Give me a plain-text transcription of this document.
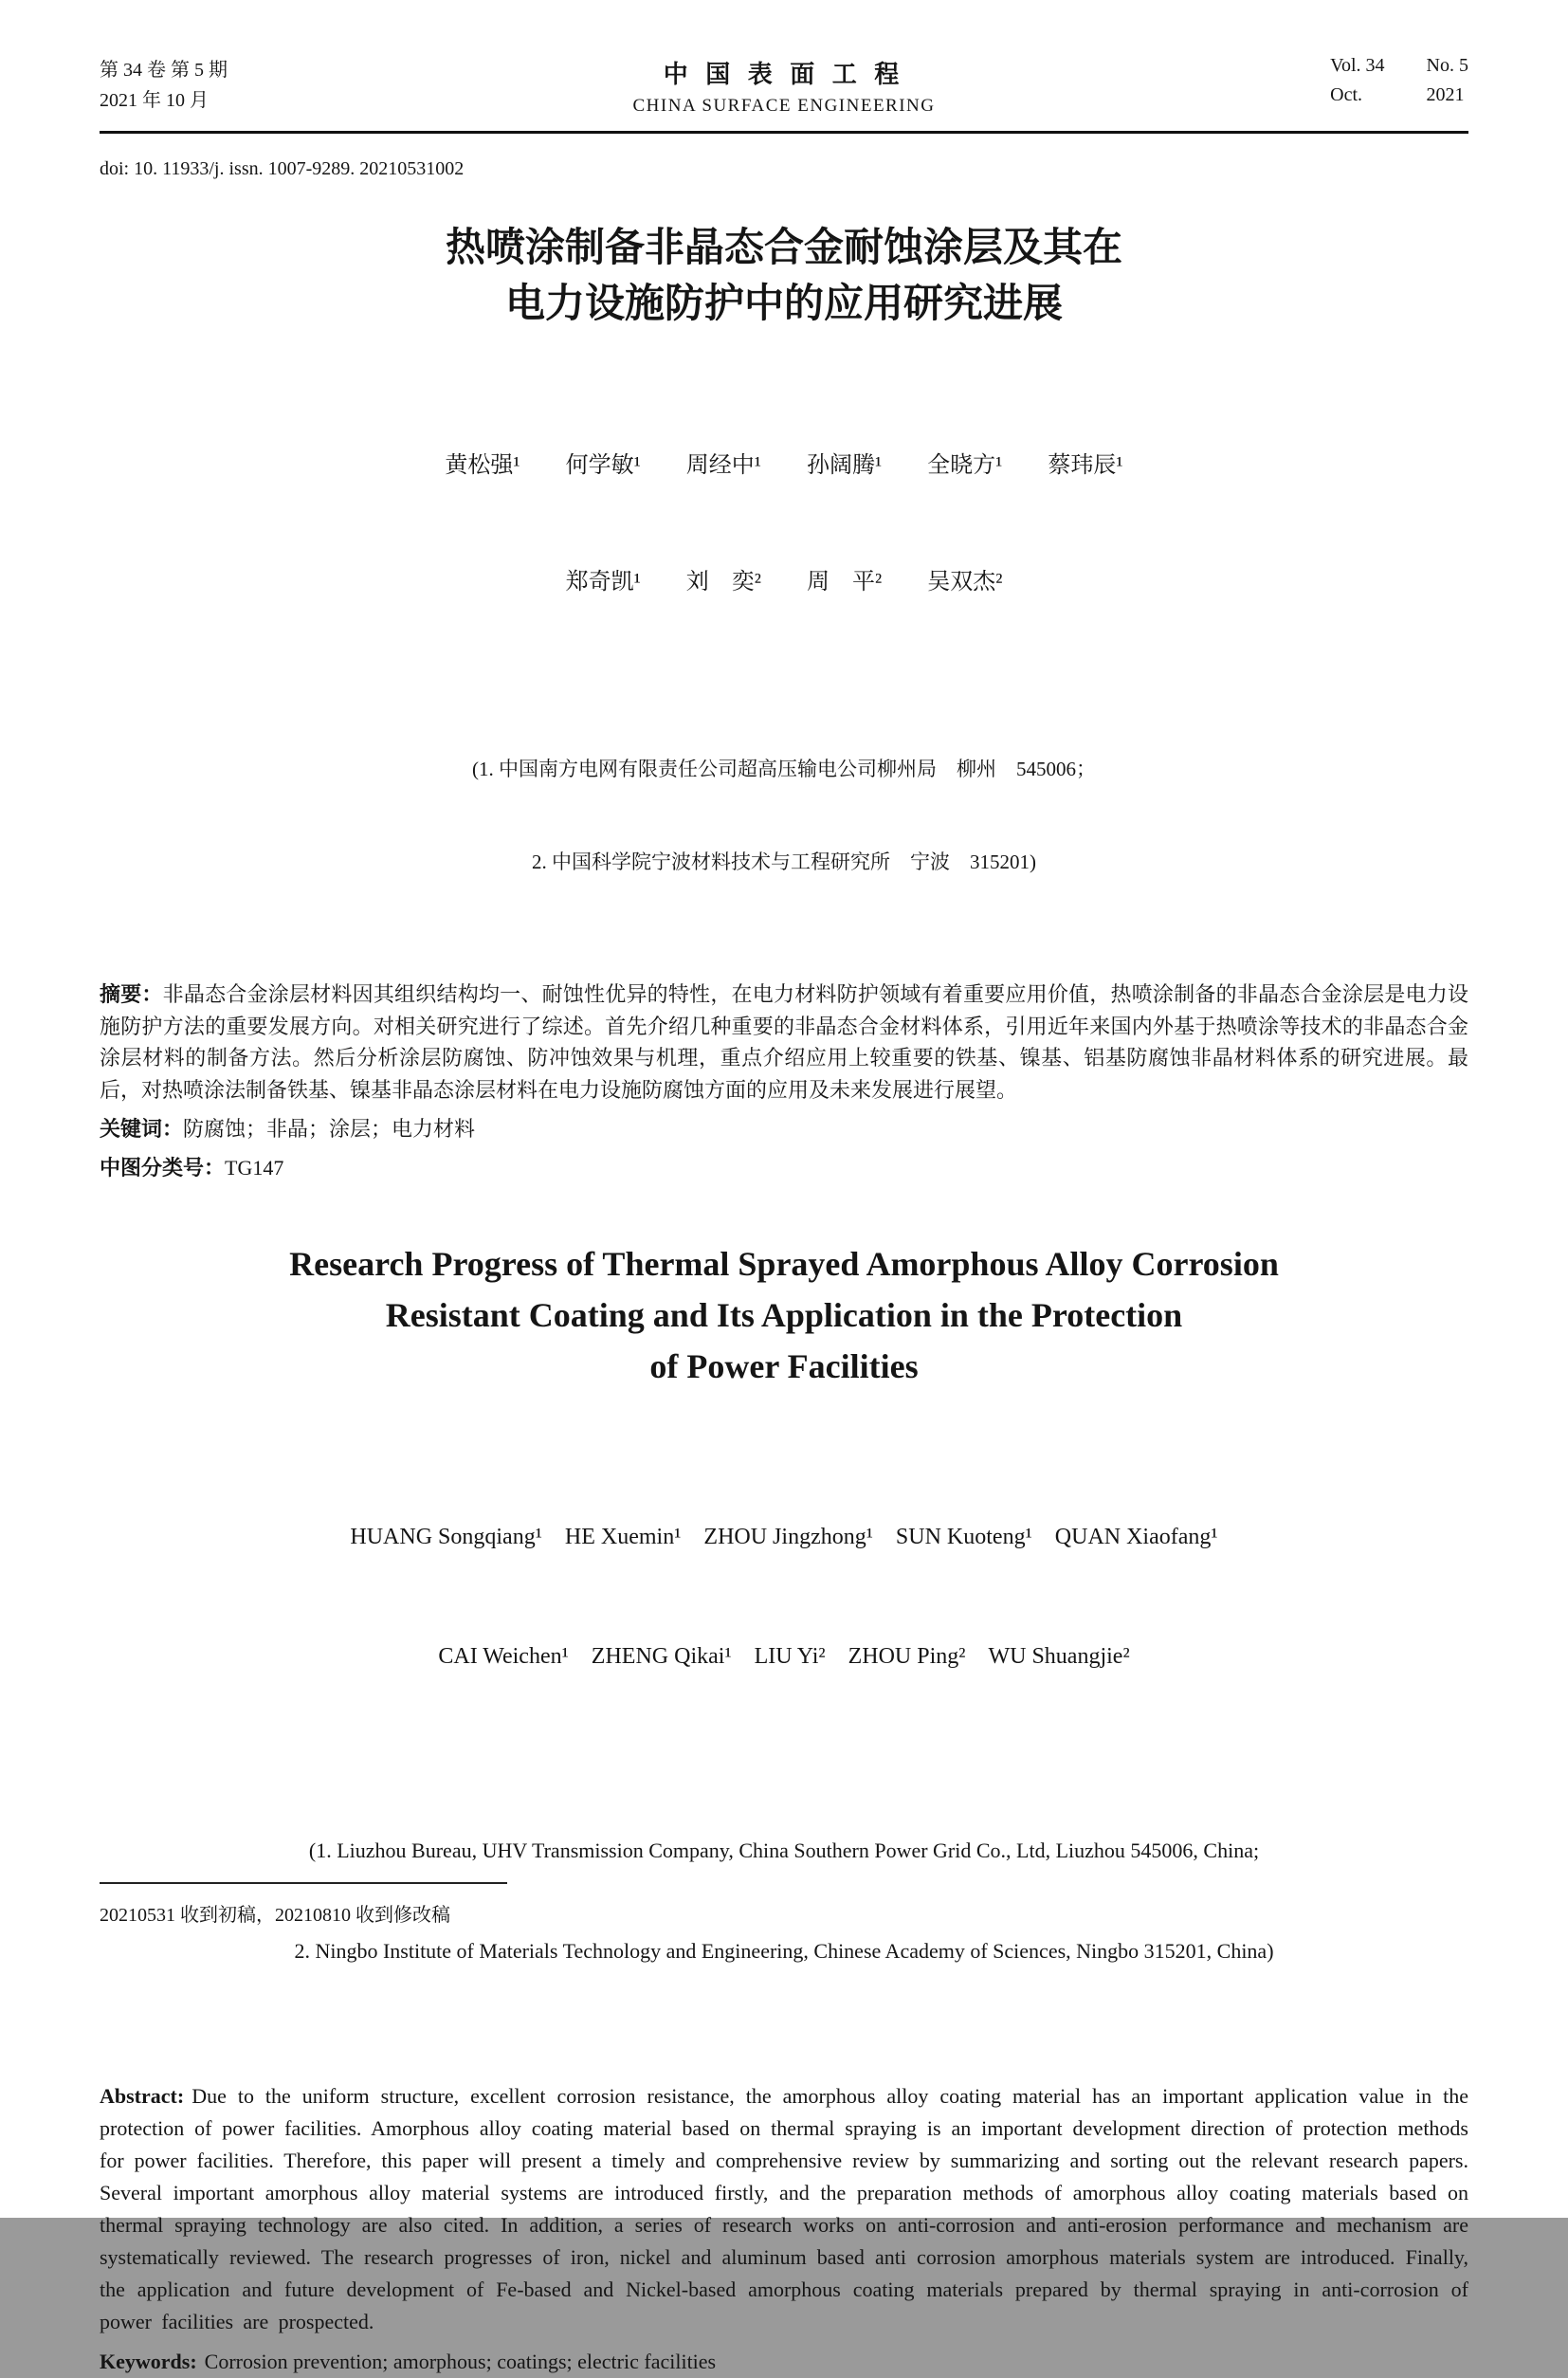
第 34 卷 第 5 期
2021 年 10 月
中 国 表 面 工 程
CHINA SURFACE ENGINEERING
Vol. 34 No. 5
Oct.	2021
doi: 10. 11933/j. issn. 1007-9289. 20210531002
热喷涂制备非晶态合金耐蚀涂层及其在
电力设施防护中的应用研究进展

黄松强¹　　何学敏¹　　周经中¹　　孙阔腾¹　　全晓方¹　　蔡玮辰¹

郑奇凯¹　　刘　奕²　　周　平²　　吴双杰²

(1. 中国南方电网有限责任公司超高压输电公司柳州局　柳州　545006；

2. 中国科学院宁波材料技术与工程研究所　宁波　315201)

摘要：非晶态合金涂层材料因其组织结构均一、耐蚀性优异的特性，在电力材料防护领域有着重要应用价值，热喷涂制备的非晶态合金涂层是电力设施防护方法的重要发展方向。对相关研究进行了综述。首先介绍几种重要的非晶态合金材料体系，引用近年来国内外基于热喷涂等技术的非晶态合金涂层材料的制备方法。然后分析涂层防腐蚀、防冲蚀效果与机理，重点介绍应用上较重要的铁基、镍基、铝基防腐蚀非晶材料体系的研究进展。最后，对热喷涂法制备铁基、镍基非晶态涂层材料在电力设施防腐蚀方面的应用及未来发展进行展望。

关键词：防腐蚀；非晶；涂层；电力材料

中图分类号：TG147

Research Progress of Thermal Sprayed Amorphous Alloy Corrosion
Resistant Coating and Its Application in the Protection
of Power Facilities

HUANG Songqiang¹　HE Xuemin¹　ZHOU Jingzhong¹　SUN Kuoteng¹　QUAN Xiaofang¹

CAI Weichen¹　ZHENG Qikai¹　LIU Yi²　ZHOU Ping²　WU Shuangjie²

(1. Liuzhou Bureau, UHV Transmission Company, China Southern Power Grid Co., Ltd, Liuzhou 545006, China;

2. Ningbo Institute of Materials Technology and Engineering, Chinese Academy of Sciences, Ningbo 315201, China)

Abstract: Due to the uniform structure, excellent corrosion resistance, the amorphous alloy coating material has an important application value in the protection of power facilities. Amorphous alloy coating material based on thermal spraying is an important development direction of protection methods for power facilities. Therefore, this paper will present a timely and comprehensive review by summarizing and sorting out the relevant research papers. Several important amorphous alloy material systems are introduced firstly, and the preparation methods of amorphous alloy coating materials based on thermal spraying technology are also cited. In addition, a series of research works on anti-corrosion and anti-erosion performance and mechanism are systematically reviewed. The research progresses of iron, nickel and aluminum based anti corrosion amorphous materials system are introduced. Finally, the application and future development of Fe-based and Nickel-based amorphous coating materials prepared by thermal spraying in anti-corrosion of power facilities are prospected.

Keywords: Corrosion prevention; amorphous; coatings; electric facilities

20210531 收到初稿，20210810 收到修改稿
